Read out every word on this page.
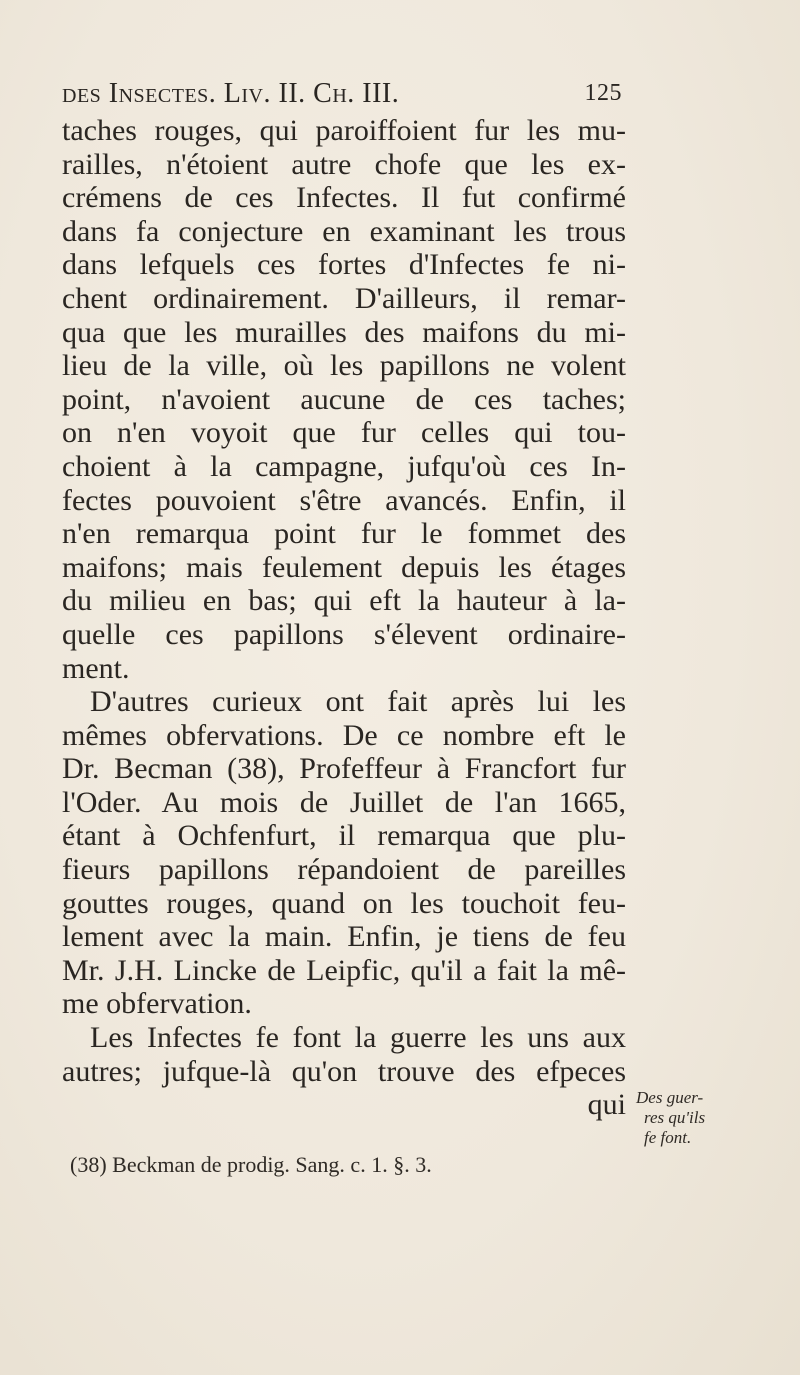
des Insectes. Liv. II. Ch. III.	125
taches rouges, qui paroiffoient fur les mu-
railles, n'étoient autre chofe que les ex-
crémens de ces Infectes. Il fut confirmé
dans fa conjecture en examinant les trous
dans lefquels ces fortes d'Infectes fe ni-
chent ordinairement. D'ailleurs, il remar-
qua que les murailles des maifons du mi-
lieu de la ville, où les papillons ne volent
point, n'avoient aucune de ces taches;
on n'en voyoit que fur celles qui tou-
choient à la campagne, jufqu'où ces In-
fectes pouvoient s'être avancés. Enfin, il
n'en remarqua point fur le fommet des
maifons; mais feulement depuis les étages
du milieu en bas; qui eft la hauteur à la-
quelle ces papillons s'élevent ordinaire-
ment.
D'autres curieux ont fait après lui les
mêmes obfervations. De ce nombre eft le
Dr. Becman (38), Profeffeur à Francfort fur
l'Oder. Au mois de Juillet de l'an 1665,
étant à Ochfenfurt, il remarqua que plu-
fieurs papillons répandoient de pareilles
gouttes rouges, quand on les touchoit feu-
lement avec la main. Enfin, je tiens de feu
Mr. J.H. Lincke de Leipfic, qu'il a fait la mê-
me obfervation.
Les Infectes fe font la guerre les uns aux
autres; jufque-là qu'on trouve des efpeces
qui Des guer-
res qu'ils
fe font.
(38) Beckman de prodig. Sang. c. 1. §. 3.
